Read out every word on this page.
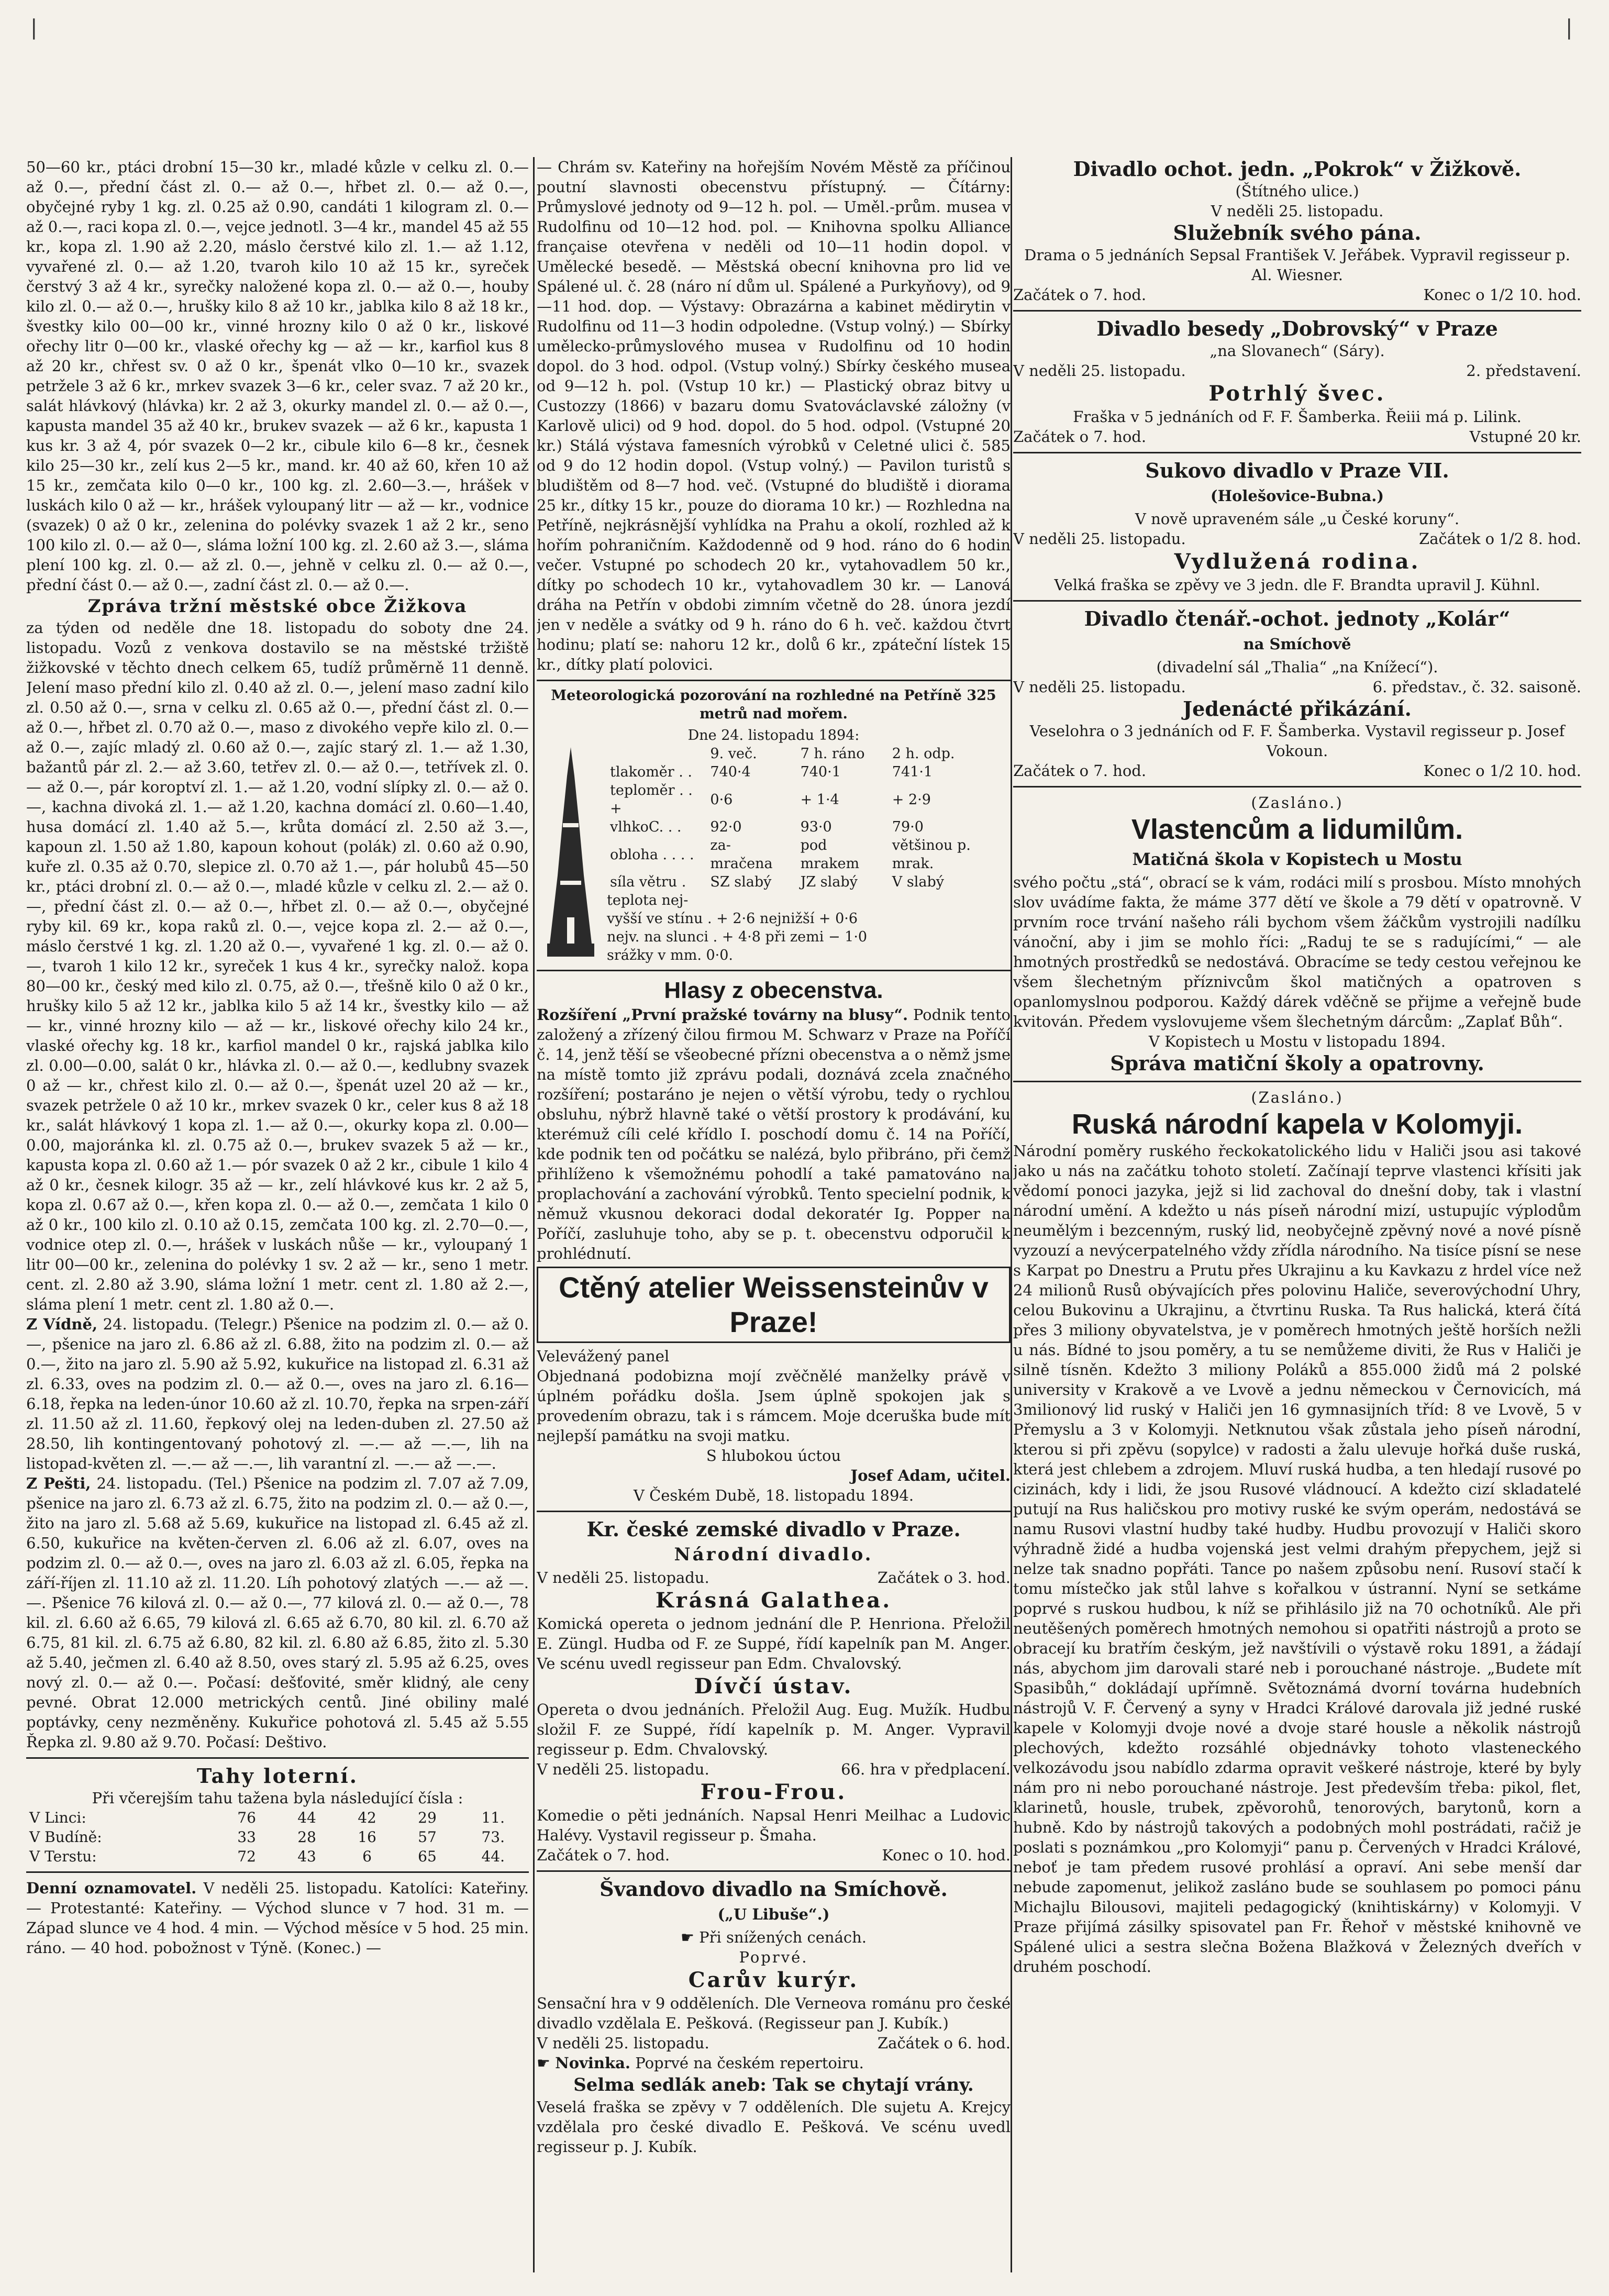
|	|

50—60 kr., ptáci drobní 15—30 kr., mladé kůzle v celku zl. 0.— až 0.—, přední část zl. 0.— až 0.—, hřbet zl. 0.— až 0.—, obyčejné ryby 1 kg. zl. 0.25 až 0.90, candáti 1 kilogram zl. 0.— až 0.—, raci kopa zl. 0.—, vejce jednotl. 3—4 kr., mandel 45 až 55 kr., kopa zl. 1.90 až 2.20, máslo čerstvé kilo zl. 1.— až 1.12, vyvařené zl. 0.— až 1.20, tvaroh kilo 10 až 15 kr., syreček čerstvý 3 až 4 kr., syrečky naložené kopa zl. 0.— až 0.—, houby kilo zl. 0.— až 0.—, hrušky kilo 8 až 10 kr., jablka kilo 8 až 18 kr., švestky kilo 00—00 kr., vinné hrozny kilo 0 až 0 kr., liskové ořechy litr 0—00 kr., vlaské ořechy kg — až — kr., karfiol kus 8 až 20 kr., chřest sv. 0 až 0 kr., špenát vlko 0—10 kr., svazek petržele 3 až 6 kr., mrkev svazek 3—6 kr., celer svaz. 7 až 20 kr., salát hlávkový (hlávka) kr. 2 až 3, okurky mandel zl. 0.— až 0.—, kapusta mandel 35 až 40 kr., brukev svazek — až 6 kr., kapusta 1 kus kr. 3 až 4, pór svazek 0—2 kr., cibule kilo 6—8 kr., česnek kilo 25—30 kr., zelí kus 2—5 kr., mand. kr. 40 až 60, křen 10 až 15 kr., zemčata kilo 0—0 kr., 100 kg. zl. 2.60—3.—, hrášek v luskách kilo 0 až — kr., hrášek vyloupaný litr — až — kr., vodnice (svazek) 0 až 0 kr., zelenina do polévky svazek 1 až 2 kr., seno 100 kilo zl. 0.— až 0—, sláma ložní 100 kg. zl. 2.60 až 3.—, sláma plení 100 kg. zl. 0.— až zl. 0.—, jehně v celku zl. 0.— až 0.—, přední část 0.— až 0.—, zadní část zl. 0.— až 0.—.

Zpráva tržní městské obce Žižkova

za týden od neděle dne 18. listopadu do soboty dne 24. listopadu. Vozů z venkova dostavilo se na městské tržiště žižkovské v těchto dnech celkem 65, tudíž průměrně 11 denně. Jelení maso přední kilo zl. 0.40 až zl. 0.—, jelení maso zadní kilo zl. 0.50 až 0.—, srna v celku zl. 0.65 až 0.—, přední část zl. 0.— až 0.—, hřbet zl. 0.70 až 0.—, maso z divokého vepře kilo zl. 0.— až 0.—, zajíc mladý zl. 0.60 až 0.—, zajíc starý zl. 1.— až 1.30, bažantů pár zl. 2.— až 3.60, tetřev zl. 0.— až 0.—, tetřívek zl. 0.— až 0.—, pár koroptví zl. 1.— až 1.20, vodní slípky zl. 0.— až 0.—, kachna divoká zl. 1.— až 1.20, kachna domácí zl. 0.60—1.40, husa domácí zl. 1.40 až 5.—, krůta domácí zl. 2.50 až 3.—, kapoun zl. 1.50 až 1.80, kapoun kohout (polák) zl. 0.60 až 0.90, kuře zl. 0.35 až 0.70, slepice zl. 0.70 až 1.—, pár holubů 45—50 kr., ptáci drobní zl. 0.— až 0.—, mladé kůzle v celku zl. 2.— až 0.—, přední část zl. 0.— až 0.—, hřbet zl. 0.— až 0.—, obyčejné ryby kil. 69 kr., kopa raků zl. 0.—, vejce kopa zl. 2.— až 0.—, máslo čerstvé 1 kg. zl. 1.20 až 0.—, vyvařené 1 kg. zl. 0.— až 0.—, tvaroh 1 kilo 12 kr., syreček 1 kus 4 kr., syrečky nalož. kopa 80—00 kr., český med kilo zl. 0.75, až 0.—, třešně kilo 0 až 0 kr., hrušky kilo 5 až 12 kr., jablka kilo 5 až 14 kr., švestky kilo — až — kr., vinné hrozny kilo — až — kr., liskové ořechy kilo 24 kr., vlaské ořechy kg. 18 kr., karfiol mandel 0 kr., rajská jablka kilo zl. 0.00—0.00, salát 0 kr., hlávka zl. 0.— až 0.—, kedlubny svazek 0 až — kr., chřest kilo zl. 0.— až 0.—, špenát uzel 20 až — kr., svazek petržele 0 až 10 kr., mrkev svazek 0 kr., celer kus 8 až 18 kr., salát hlávkový 1 kopa zl. 1.— až 0.—, okurky kopa zl. 0.00—0.00, majoránka kl. zl. 0.75 až 0.—, brukev svazek 5 až — kr., kapusta kopa zl. 0.60 až 1.— pór svazek 0 až 2 kr., cibule 1 kilo 4 až 0 kr., česnek kilogr. 35 až — kr., zelí hlávkové kus kr. 2 až 5, kopa zl. 0.67 až 0.—, křen kopa zl. 0.— až 0.—, zemčata 1 kilo 0 až 0 kr., 100 kilo zl. 0.10 až 0.15, zemčata 100 kg. zl. 2.70—0.—, vodnice otep zl. 0.—, hrášek v luskách nůše — kr., vyloupaný 1 litr 00—00 kr., zelenina do polévky 1 sv. 2 až — kr., seno 1 metr. cent. zl. 2.80 až 3.90, sláma ložní 1 metr. cent zl. 1.80 až 2.—, sláma plení 1 metr. cent zl. 1.80 až 0.—.

Z Vídně, 24. listopadu. (Telegr.) Pšenice na podzim zl. 0.— až 0.—, pšenice na jaro zl. 6.86 až zl. 6.88, žito na podzim zl. 0.— až 0.—, žito na jaro zl. 5.90 až 5.92, kukuřice na listopad zl. 6.31 až zl. 6.33, oves na podzim zl. 0.— až 0.—, oves na jaro zl. 6.16—6.18, řepka na leden-únor 10.60 až zl. 10.70, řepka na srpen-září zl. 11.50 až zl. 11.60, řepkový olej na leden-duben zl. 27.50 až 28.50, lih kontingentovaný pohotový zl. —.— až —.—, lih na listopad-květen zl. —.— až —.—, lih varantní zl. —.— až —.—.

Z Pešti, 24. listopadu. (Tel.) Pšenice na podzim zl. 7.07 až 7.09, pšenice na jaro zl. 6.73 až zl. 6.75, žito na podzim zl. 0.— až 0.—, žito na jaro zl. 5.68 až 5.69, kukuřice na listopad zl. 6.45 až zl. 6.50, kukuřice na květen-červen zl. 6.06 až zl. 6.07, oves na podzim zl. 0.— až 0.—, oves na jaro zl. 6.03 až zl. 6.05, řepka na září-říjen zl. 11.10 až zl. 11.20. Líh pohotový zlatých —.— až —.—. Pšenice 76 kilová zl. 0.— až 0.—, 77 kilová zl. 0.— až 0.—, 78 kil. zl. 6.60 až 6.65, 79 kilová zl. 6.65 až 6.70, 80 kil. zl. 6.70 až 6.75, 81 kil. zl. 6.75 až 6.80, 82 kil. zl. 6.80 až 6.85, žito zl. 5.30 až 5.40, ječmen zl. 6.40 až 8.50, oves starý zl. 5.95 až 6.25, oves nový zl. 0.— až 0.—. Počasí: dešťovité, směr klidný, ale ceny pevné. Obrat 12.000 metrických centů. Jiné obiliny malé poptávky, ceny nezměněny. Kukuřice pohotová zl. 5.45 až 5.55 Řepka zl. 9.80 až 9.70. Počasí: Deštivo.

Tahy loterní.

Při včerejším tahu tažena byla následující čísla :

V Linci:	76	44	42	29	11.
V Budíně:	33	28	16	57	73.
V Terstu:	72	43	6	65	44.

Denní oznamovatel. V neděli 25. listopadu. Katolíci: Kateřiny. — Protestanté: Kateřiny. — Východ slunce v 7 hod. 31 m. — Západ slunce ve 4 hod. 4 min. — Východ měsíce v 5 hod. 25 min. ráno. — 40 hod. pobožnost v Týně. (Konec.) —

— Chrám sv. Kateřiny na hořejším Novém Městě za příčinou poutní slavnosti obecenstvu přístupný. — Čítárny: Průmyslové jednoty od 9—12 h. pol. — Uměl.-prům. musea v Rudolfinu od 10—12 hod. pol. — Knihovna spolku Alliance française otevřena v neděli od 10—11 hodin dopol. v Umělecké besedě. — Městská obecní knihovna pro lid ve Spálené ul. č. 28 (náro ní dům ul. Spálené a Purkyňovy), od 9—11 hod. dop. — Výstavy: Obrazárna a kabinet mědirytin v Rudolfinu od 11—3 hodin odpoledne. (Vstup volný.) — Sbírky umělecko-průmyslového musea v Rudolfinu od 10 hodin dopol. do 3 hod. odpol. (Vstup volný.) Sbírky českého musea od 9—12 h. pol. (Vstup 10 kr.) — Plastický obraz bitvy u Custozzy (1866) v bazaru domu Svatováclavské záložny (v Karlově ulici) od 9 hod. dopol. do 5 hod. odpol. (Vstupné 20 kr.) Stálá výstava famesních výrobků v Celetné ulici č. 585 od 9 do 12 hodin dopol. (Vstup volný.) — Pavilon turistů s bludištěm od 8—7 hod. več. (Vstupné do bludiště i diorama 25 kr., dítky 15 kr., pouze do diorama 10 kr.) — Rozhledna na Petříně, nejkrásnější vyhlídka na Prahu a okolí, rozhled až k hořím pohraničním. Každodenně od 9 hod. ráno do 6 hodin večer. Vstupné po schodech 20 kr., vytahovadlem 50 kr., dítky po schodech 10 kr., vytahovadlem 30 kr. — Lanová dráha na Petřín v obdobi zimním včetně do 28. února jezdí jen v neděle a svátky od 9 h. ráno do 6 h. več. každou čtvrt hodinu; platí se: nahoru 12 kr., dolů 6 kr., zpáteční lístek 15 kr., dítky platí polovici.

Meteorologická pozorování na rozhledné na Petříně 325 metrů nad mořem.
Dne 24. listopadu 1894:
	9. več.	7 h. ráno	2 h. odp.
tlakoměr . .	740·4	740·1	741·1
teploměr . . +	0·6	+ 1·4	+ 2·9
vlhkoC. . .	92·0	93·0	79·0
obloha . . . .	za- mračena	pod mrakem	většinou p. mrak.
síla větru .	SZ slabý	JZ slabý	V slabý
teplota nej-
vyšší ve stínu . + 2·6 nejnižší + 0·6
nejv. na slunci . + 4·8 při zemi − 1·0
srážky v mm. 0·0.
Hlasy z obecenstva.

Rozšíření „První pražské továrny na blusy“. Podnik tento založený a zřízený čilou firmou M. Schwarz v Praze na Poříčí č. 14, jenž těší se všeobecné přízni obecenstva a o němž jsme na místě tomto již zprávu podali, doznává zcela značného rozšíření; postaráno je nejen o větší výrobu, tedy o rychlou obsluhu, nýbrž hlavně také o větší prostory k prodávání, ku kterémuž cíli celé křídlo I. poschodí domu č. 14 na Poříčí, kde podnik ten od počátku se nalézá, bylo přibráno, při čemž přihlíženo k všemožnému pohodlí a také pamatováno na proplachování a zachování výrobků. Tento specielní podnik, k němuž vkusnou dekoraci dodal dekoratér Ig. Popper na Poříčí, zasluhuje toho, aby se p. t. obecenstvu odporučil k prohlédnutí.

Ctěný atelier Weissensteinův v Praze!

Velevážený panel

Objednaná podobizna mojí zvěčnělé manželky právě v úplném pořádku došla. Jsem úplně spokojen jak s provedením obrazu, tak i s rámcem. Moje dceruška bude mít nejlepší památku na svoji matku.

S hlubokou úctou

Josef Adam, učitel.

V Českém Dubě, 18. listopadu 1894.

Kr. české zemské divadlo v Praze.
Národní divadlo.
V neděli 25. listopadu.	Začátek o 3. hod.
Krásná Galathea.

Komická opereta o jednom jednání dle P. Henriona. Přeložil E. Züngl. Hudba od F. ze Suppé, řídí kapelník pan M. Anger. Ve scénu uvedl regisseur pan Edm. Chvalovský.

Dívčí ústav.

Opereta o dvou jednáních. Přeložil Aug. Eug. Mužík. Hudbu složil F. ze Suppé, řídí kapelník p. M. Anger. Vypravil regisseur p. Edm. Chvalovský.

V neděli 25. listopadu.	66. hra v předplacení.
Frou-Frou.

Komedie o pěti jednáních. Napsal Henri Meilhac a Ludovic Halévy. Vystavil regisseur p. Šmaha.

Začátek o 7. hod.	Konec o 10. hod.
Švandovo divadlo na Smíchově.
(„U Libuše“.)

☛ Při snížených cenách.

Poprvé.

Carův kurýr.

Sensační hra v 9 odděleních. Dle Verneova románu pro české divadlo vzdělala E. Pešková. (Regisseur pan J. Kubík.)

V neděli 25. listopadu.	Začátek o 6. hod.

☛ Novinka. Poprvé na českém repertoiru.

Selma sedlák aneb: Tak se chytají vrány.

Veselá fraška se zpěvy v 7 odděleních. Dle sujetu A. Krejcy vzdělala pro české divadlo E. Pešková. Ve scénu uvedl regisseur p. J. Kubík.

Divadlo ochot. jedn. „Pokrok“ v Žižkově.

(Štítného ulice.)

V neděli 25. listopadu.

Služebník svého pána.

Drama o 5 jednáních Sepsal František V. Jeřábek. Vypravil regisseur p. Al. Wiesner.

Začátek o 7. hod.	Konec o 1/2 10. hod.
Divadlo besedy „Dobrovský“ v Praze

„na Slovanech“ (Sáry).

V neděli 25. listopadu.	2. představení.
Potrhlý švec.

Fraška v 5 jednáních od F. F. Šamberka. Řeiii má p. Lilink.

Začátek o 7. hod.	Vstupné 20 kr.
Sukovo divadlo v Praze VII.
(Holešovice-Bubna.)

V nově upraveném sále „u České koruny“.

V neděli 25. listopadu.	Začátek o 1/2 8. hod.
Vydlužená rodina.

Velká fraška se zpěvy ve 3 jedn. dle F. Brandta upravil J. Kühnl.

Divadlo čtenář.-ochot. jednoty „Kolár“
na Smíchově

(divadelní sál „Thalia“ „na Knížecí“).

V neděli 25. listopadu.	6. představ., č. 32. saisoně.
Jedenácté přikázání.

Veselohra o 3 jednáních od F. F. Šamberka. Vystavil regisseur p. Josef Vokoun.

Začátek o 7. hod.	Konec o 1/2 10. hod.

(Zasláno.)

Vlastencům a lidumilům.
Matičná škola v Kopistech u Mostu

svého počtu „stá“, obrací se k vám, rodáci milí s prosbou. Místo mnohých slov uvádíme fakta, že máme 377 dětí ve škole a 79 dětí v opatrovně. V prvním roce trvání našeho ráli bychom všem žáčkům vystrojili nadílku vánoční, aby i jim se mohlo říci: „Raduj te se s radujícími,“ — ale hmotných prostředků se nedostává. Obracíme se tedy cestou veřejnou ke všem šlechetným příznivcům škol matičných a opatroven s opanlomyslnou podporou. Každý dárek vděčně se přijme a veřejně bude kvitován. Předem vyslovujeme všem šlechetným dárcům: „Zaplať Bůh“.

V Kopistech u Mostu v listopadu 1894.

Správa matiční školy a opatrovny.

(Zasláno.)

Ruská národní kapela v Kolomyji.

Národní poměry ruského řeckokatolického lidu v Haliči jsou asi takové jako u nás na začátku tohoto století. Začínají teprve vlastenci křísiti jak vědomí ponoci jazyka, jejž si lid zachoval do dnešní doby, tak i vlastní národní umění. A kdežto u nás píseň národní mizí, ustupujíc výplodům neumělým i bezcenným, ruský lid, neobyčejně zpěvný nové a nové písně vyzouzí a nevýcerpatelného vždy zřídla národního. Na tisíce písní se nese s Karpat po Dnestru a Prutu přes Ukrajinu a ku Kavkazu z hrdel více než 24 milionů Rusů obývajících přes polovinu Haliče, severovýchodní Uhry, celou Bukovinu a Ukrajinu, a čtvrtinu Ruska. Ta Rus halická, která čítá přes 3 miliony obyvatelstva, je v poměrech hmotných ještě horších nežli u nás. Bídné to jsou poměry, a tu se nemůžeme diviti, že Rus v Haliči je silně tísněn. Kdežto 3 miliony Poláků a 855.000 židů má 2 polské university v Krakově a ve Lvově a jednu německou v Černovicích, má 3milionový lid ruský v Haliči jen 16 gymnasijních tříd: 8 ve Lvově, 5 v Přemyslu a 3 v Kolomyji. Netknutou však zůstala jeho píseň národní, kterou si při zpěvu (sopylce) v radosti a žalu ulevuje hořká duše ruská, která jest chlebem a zdrojem. Mluví ruská hudba, a ten hledají rusové po cizinách, kdy i lidi, že jsou Rusové vládnoucí. A kdežto cizí skladatelé putují na Rus haličskou pro motivy ruské ke svým operám, nedostává se namu Rusovi vlastní hudby také hudby. Hudbu provozují v Haliči skoro výhradně židé a hudba vojenská jest velmi drahým přepychem, jejž si nelze tak snadno popřáti. Tance po našem způsobu není. Rusoví stačí k tomu místečko jak stůl lahve s kořalkou v ústranní. Nyní se setkáme poprvé s ruskou hudbou, k níž se přihlásilo již na 70 ochotníků. Ale při neutěšených poměrech hmotných nemohou si opatřiti nástrojů a proto se obracejí ku bratřím českým, jež navštívili o výstavě roku 1891, a žádají nás, abychom jim darovali staré neb i porouchané nástroje. „Budete mít Spasibůh,“ dokládají upřímně. Světoznámá dvorní továrna hudebních nástrojů V. F. Červený a syny v Hradci Králové darovala již jedné ruské kapele v Kolomyji dvoje nové a dvoje staré housle a několik nástrojů plechových, kdežto rozsáhlé objednávky tohoto vlasteneckého velkozávodu jsou nabídlo zdarma opravit veškeré nástroje, které by byly nám pro ni nebo porouchané nástroje. Jest především třeba: pikol, flet, klarinetů, housle, trubek, zpěvorohů, tenorových, barytonů, korn a hubně. Kdo by nástrojů takových a podobných mohl postrádati, račiž je poslati s poznámkou „pro Kolomyji“ panu p. Červených v Hradci Králové, neboť je tam předem rusové prohlásí a opraví. Ani sebe menší dar nebude zapomenut, jelikož zasláno bude se souhlasem po pomoci pánu Michajlu Bilousovi, majiteli pedagogický (knihtiskárny) v Kolomyji. V Praze přijímá zásilky spisovatel pan Fr. Řehoř v městské knihovně ve Spálené ulici a sestra slečna Božena Blažková v Železných dveřích v druhém poschodí.
